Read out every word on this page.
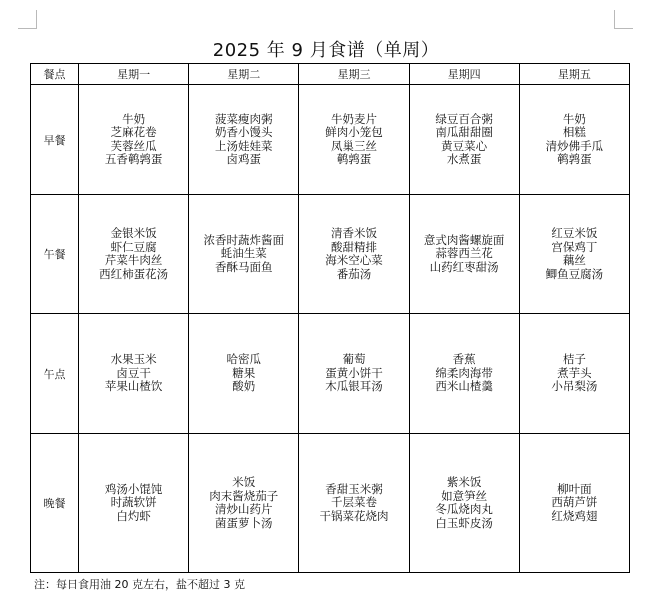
2025 年 9 月食谱（单周）
餐点	星期一	星期二	星期三	星期四	星期五
早餐	牛奶
芝麻花卷
芙蓉丝瓜
五香鹌鹑蛋	菠菜瘦肉粥
奶香小馒头
上汤娃娃菜
卤鸡蛋	牛奶麦片
鲜肉小笼包
凤巢三丝
鹌鹑蛋	绿豆百合粥
南瓜甜甜圈
黄豆菜心
水煮蛋	牛奶
相糕
清炒佛手瓜
鹌鹑蛋

午餐	金银米饭
虾仁豆腐
芹菜牛肉丝
西红柿蛋花汤	浓香时蔬炸酱面
蚝油生菜
香酥马面鱼	清香米饭
酸甜精排
海米空心菜
番茄汤	意式肉酱螺旋面
蒜蓉西兰花
山药红枣甜汤	红豆米饭
宫保鸡丁
藕丝
鲫鱼豆腐汤

午点	水果玉米
卤豆干
苹果山楂饮	哈密瓜
糖果
酸奶	葡萄
蛋黄小饼干
木瓜银耳汤	香蕉
绵柔肉海带
西米山楂羹	桔子
煮芋头
小吊梨汤

晚餐	鸡汤小馄饨
时蔬软饼
白灼虾	米饭
肉末酱烧茄子
清炒山药片
菌蛋萝卜汤	香甜玉米粥
千层菜卷
干锅菜花烧肉	紫米饭
如意笋丝
冬瓜烧肉丸
白玉虾皮汤	柳叶面
西葫芦饼
红烧鸡翅
注：每日食用油 20 克左右，盐不超过 3 克
